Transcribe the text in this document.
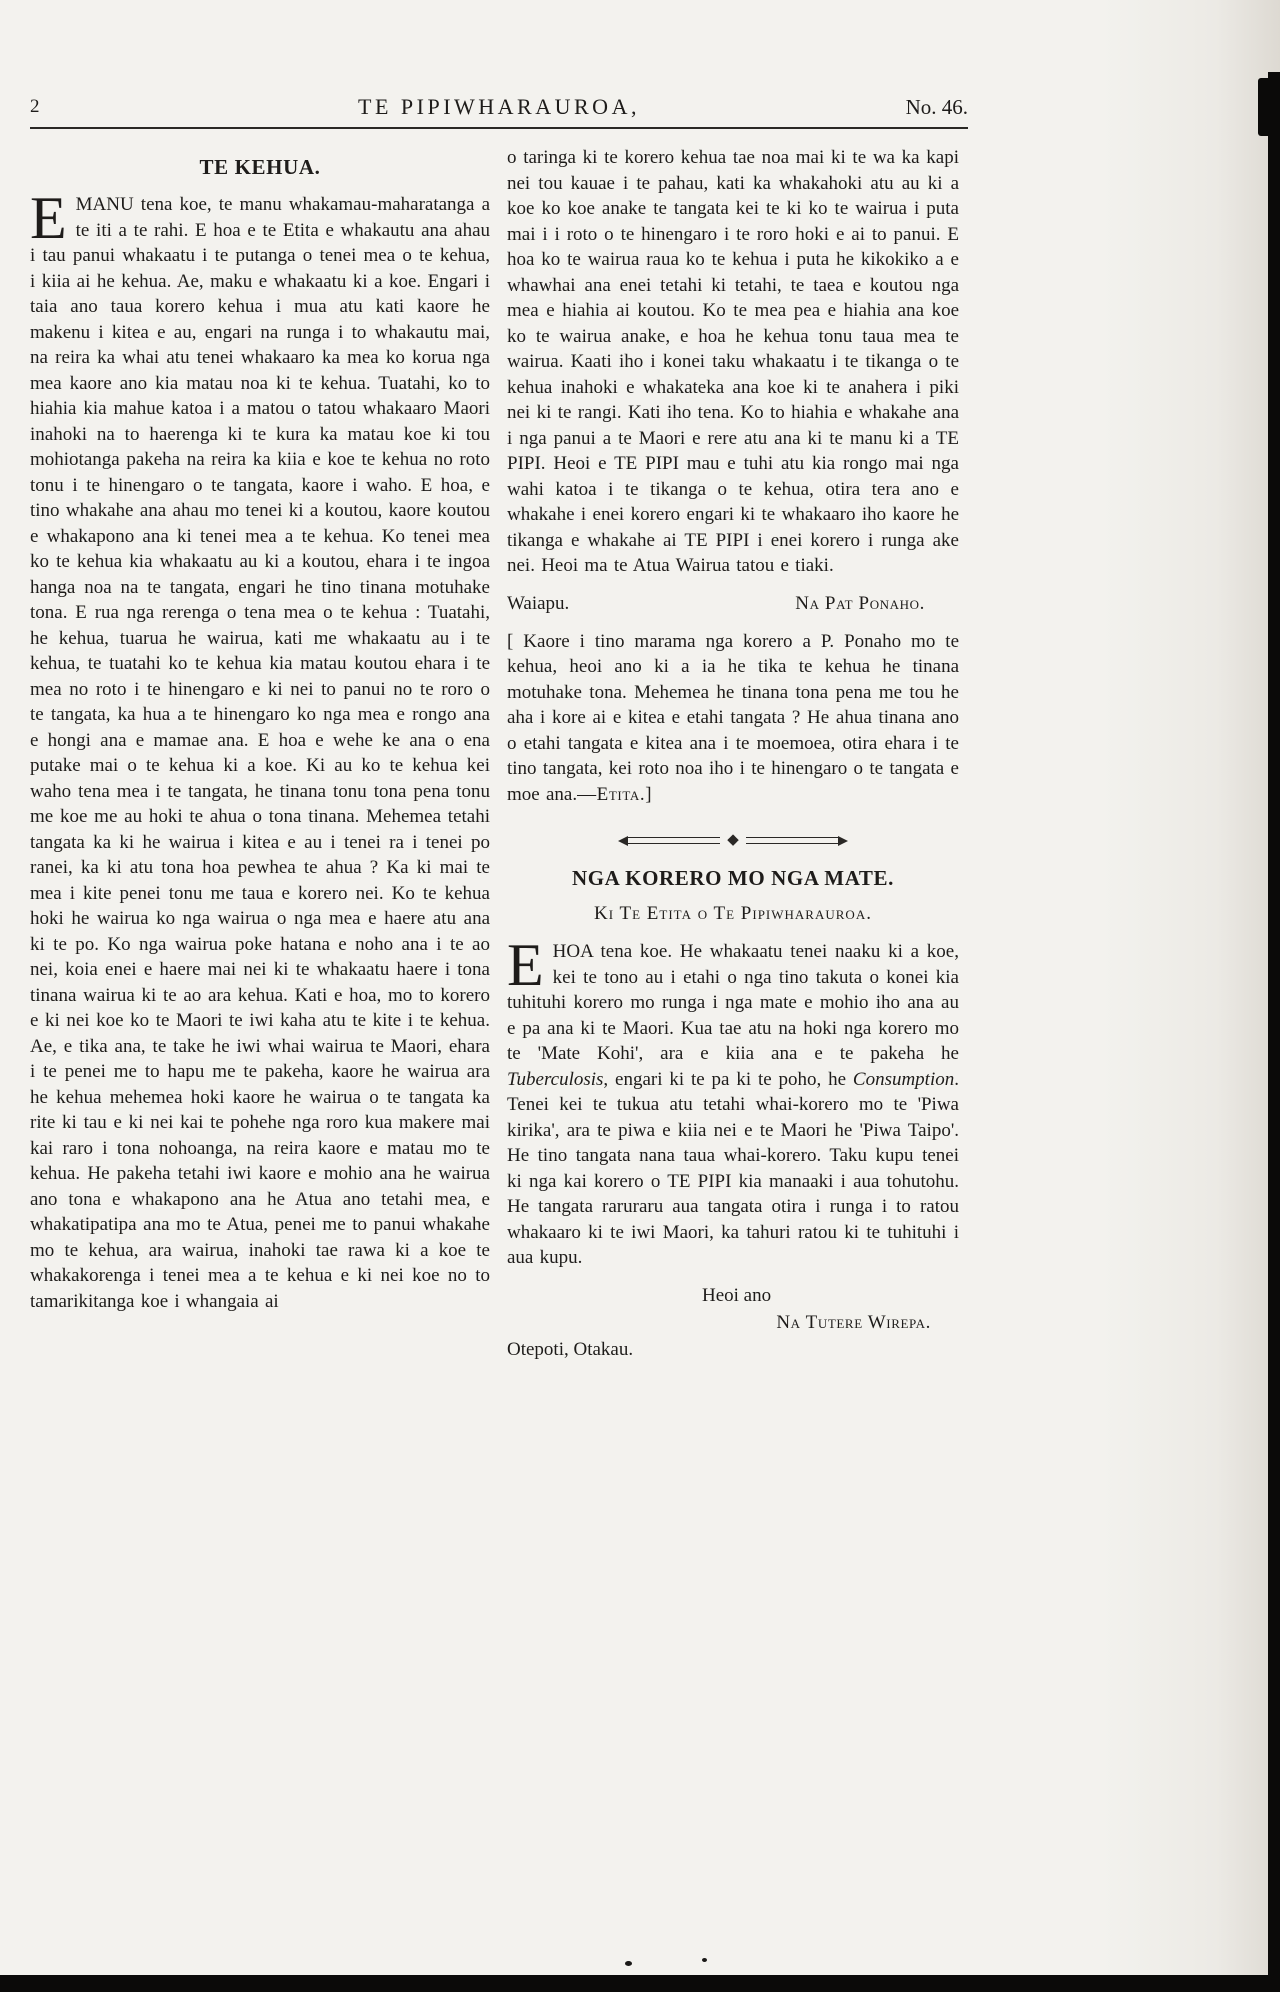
2	TE PIPIWHARAUROA,	No. 46.
TE KEHUA.

EMANU tena koe, te manu whakamau-maharatanga a te iti a te rahi. E hoa e te Etita e whakautu ana ahau i tau panui whakaatu i te putanga o tenei mea o te kehua, i kiia ai he kehua. Ae, maku e whakaatu ki a koe. Engari i taia ano taua korero kehua i mua atu kati kaore he makenu i kitea e au, engari na runga i to whakautu mai, na reira ka whai atu tenei whakaaro ka mea ko korua nga mea kaore ano kia matau noa ki te kehua. Tuatahi, ko to hiahia kia mahue katoa i a matou o tatou whakaaro Maori inahoki na to haerenga ki te kura ka matau koe ki tou mohiotanga pakeha na reira ka kiia e koe te kehua no roto tonu i te hinengaro o te tangata, kaore i waho. E hoa, e tino whakahe ana ahau mo tenei ki a koutou, kaore koutou e whakapono ana ki tenei mea a te kehua. Ko tenei mea ko te kehua kia whakaatu au ki a koutou, ehara i te ingoa hanga noa na te tangata, engari he tino tinana motuhake tona. E rua nga rerenga o tena mea o te kehua : Tuatahi, he kehua, tuarua he wairua, kati me whakaatu au i te kehua, te tuatahi ko te kehua kia matau koutou ehara i te mea no roto i te hinengaro e ki nei to panui no te roro o te tangata, ka hua a te hinengaro ko nga mea e rongo ana e hongi ana e mamae ana. E hoa e wehe ke ana o ena putake mai o te kehua ki a koe. Ki au ko te kehua kei waho tena mea i te tangata, he tinana tonu tona pena tonu me koe me au hoki te ahua o tona tinana. Mehemea tetahi tangata ka ki he wairua i kitea e au i tenei ra i tenei po ranei, ka ki atu tona hoa pewhea te ahua ? Ka ki mai te mea i kite penei tonu me taua e korero nei. Ko te kehua hoki he wairua ko nga wairua o nga mea e haere atu ana ki te po. Ko nga wairua poke hatana e noho ana i te ao nei, koia enei e haere mai nei ki te whakaatu haere i tona tinana wairua ki te ao ara kehua. Kati e hoa, mo to korero e ki nei koe ko te Maori te iwi kaha atu te kite i te kehua. Ae, e tika ana, te take he iwi whai wairua te Maori, ehara i te penei me to hapu me te pakeha, kaore he wairua ara he kehua mehemea hoki kaore he wairua o te tangata ka rite ki tau e ki nei kai te pohehe nga roro kua makere mai kai raro i tona nohoanga, na reira kaore e matau mo te kehua. He pakeha tetahi iwi kaore e mohio ana he wairua ano tona e whakapono ana he Atua ano tetahi mea, e whakatipatipa ana mo te Atua, penei me to panui whakahe mo te kehua, ara wairua, inahoki tae rawa ki a koe te whakakorenga i tenei mea a te kehua e ki nei koe no to tamarikitanga koe i whangaia ai

o taringa ki te korero kehua tae noa mai ki te wa ka kapi nei tou kauae i te pahau, kati ka whakahoki atu au ki a koe ko koe anake te tangata kei te ki ko te wairua i puta mai i i roto o te hinengaro i te roro hoki e ai to panui. E hoa ko te wairua raua ko te kehua i puta he kikokiko a e whawhai ana enei tetahi ki tetahi, te taea e koutou nga mea e hiahia ai koutou. Ko te mea pea e hiahia ana koe ko te wairua anake, e hoa he kehua tonu taua mea te wairua. Kaati iho i konei taku whakaatu i te tikanga o te kehua inahoki e whakateka ana koe ki te anahera i piki nei ki te rangi. Kati iho tena. Ko to hiahia e whakahe ana i nga panui a te Maori e rere atu ana ki te manu ki a TE PIPI. Heoi e TE PIPI mau e tuhi atu kia rongo mai nga wahi katoa i te tikanga o te kehua, otira tera ano e whakahe i enei korero engari ki te whakaaro iho kaore he tikanga e whakahe ai TE PIPI i enei korero i runga ake nei. Heoi ma te Atua Wairua tatou e tiaki.

Waiapu.	Na Pat Ponaho.

[ Kaore i tino marama nga korero a P. Ponaho mo te kehua, heoi ano ki a ia he tika te kehua he tinana motuhake tona. Mehemea he tinana tona pena me tou he aha i kore ai e kitea e etahi tangata ? He ahua tinana ano o etahi tangata e kitea ana i te moemoea, otira ehara i te tino tangata, kei roto noa iho i te hinengaro o te tangata e moe ana.—Etita.]

◆
NGA KORERO MO NGA MATE.
Ki Te Etita o Te Pipiwharauroa.

EHOA tena koe. He whakaatu tenei naaku ki a koe, kei te tono au i etahi o nga tino takuta o konei kia tuhituhi korero mo runga i nga mate e mohio iho ana au e pa ana ki te Maori. Kua tae atu na hoki nga korero mo te 'Mate Kohi', ara e kiia ana e te pakeha he Tuberculosis, engari ki te pa ki te poho, he Consumption. Tenei kei te tukua atu tetahi whai-korero mo te 'Piwa kirika', ara te piwa e kiia nei e te Maori he 'Piwa Taipo'. He tino tangata nana taua whai-korero. Taku kupu tenei ki nga kai korero o TE PIPI kia manaaki i aua tohutohu. He tangata raruraru aua tangata otira i runga i to ratou whakaaro ki te iwi Maori, ka tahuri ratou ki te tuhituhi i aua kupu.

Heoi ano
Na Tutere Wirepa.
Otepoti, Otakau.
